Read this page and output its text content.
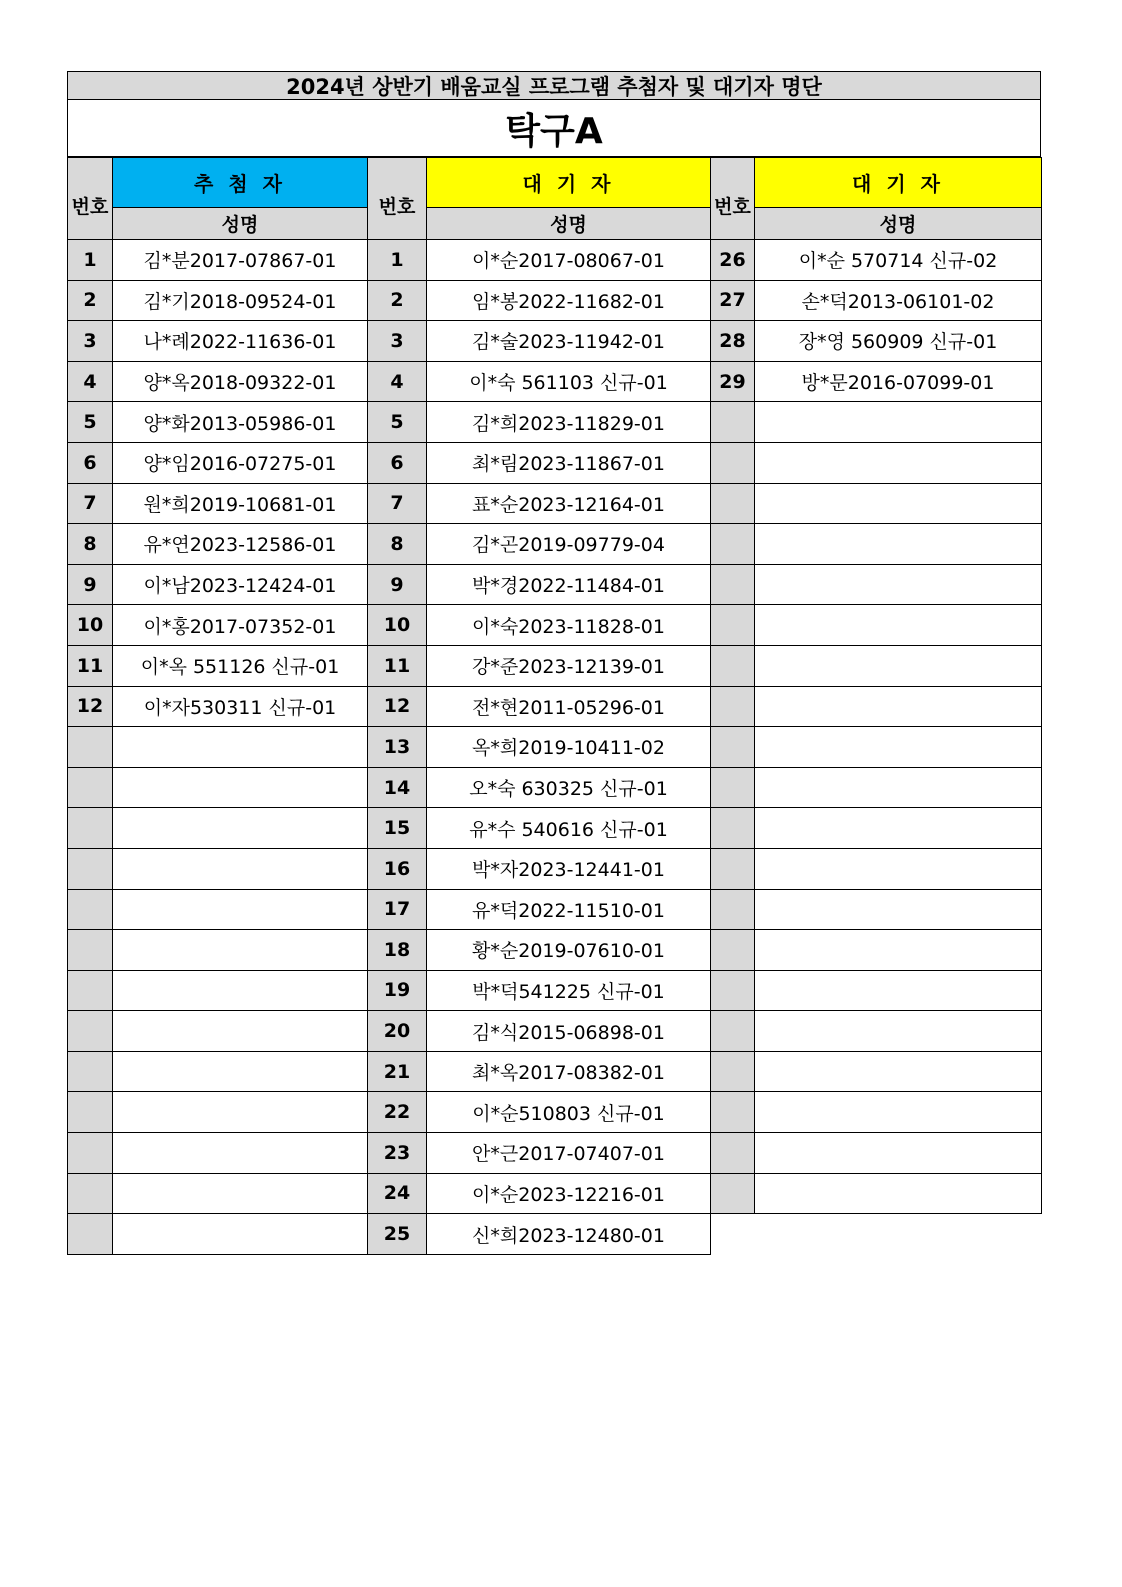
2024년 상반기 배움교실 프로그램 추첨자 및 대기자 명단
탁구A
번호	추 첨 자
	성명
1	김*분2017-07867-01
2	김*기2018-09524-01
3	나*례2022-11636-01
4	양*옥2018-09322-01
5	양*화2013-05986-01
6	양*임2016-07275-01
7	원*희2019-10681-01
8	유*연2023-12586-01
9	이*남2023-12424-01
10	이*홍2017-07352-01
11	이*옥 551126 신규-01
12	이*자530311 신규-01

번호	대 기 자
	성명
1	이*순2017-08067-01
2	임*봉2022-11682-01
3	김*술2023-11942-01
4	이*숙 561103 신규-01
5	김*희2023-11829-01
6	최*림2023-11867-01
7	표*순2023-12164-01
8	김*곤2019-09779-04
9	박*경2022-11484-01
10	이*숙2023-11828-01
11	강*준2023-12139-01
12	전*현2011-05296-01
13	옥*희2019-10411-02
14	오*숙 630325 신규-01
15	유*수 540616 신규-01
16	박*자2023-12441-01
17	유*덕2022-11510-01
18	황*순2019-07610-01
19	박*덕541225 신규-01
20	김*식2015-06898-01
21	최*옥2017-08382-01
22	이*순510803 신규-01
23	안*근2017-07407-01
24	이*순2023-12216-01
25	신*희2023-12480-01
번호	대 기 자
	성명
26	이*순 570714 신규-02
27	손*덕2013-06101-02
28	장*영 560909 신규-01
29	방*문2016-07099-01
